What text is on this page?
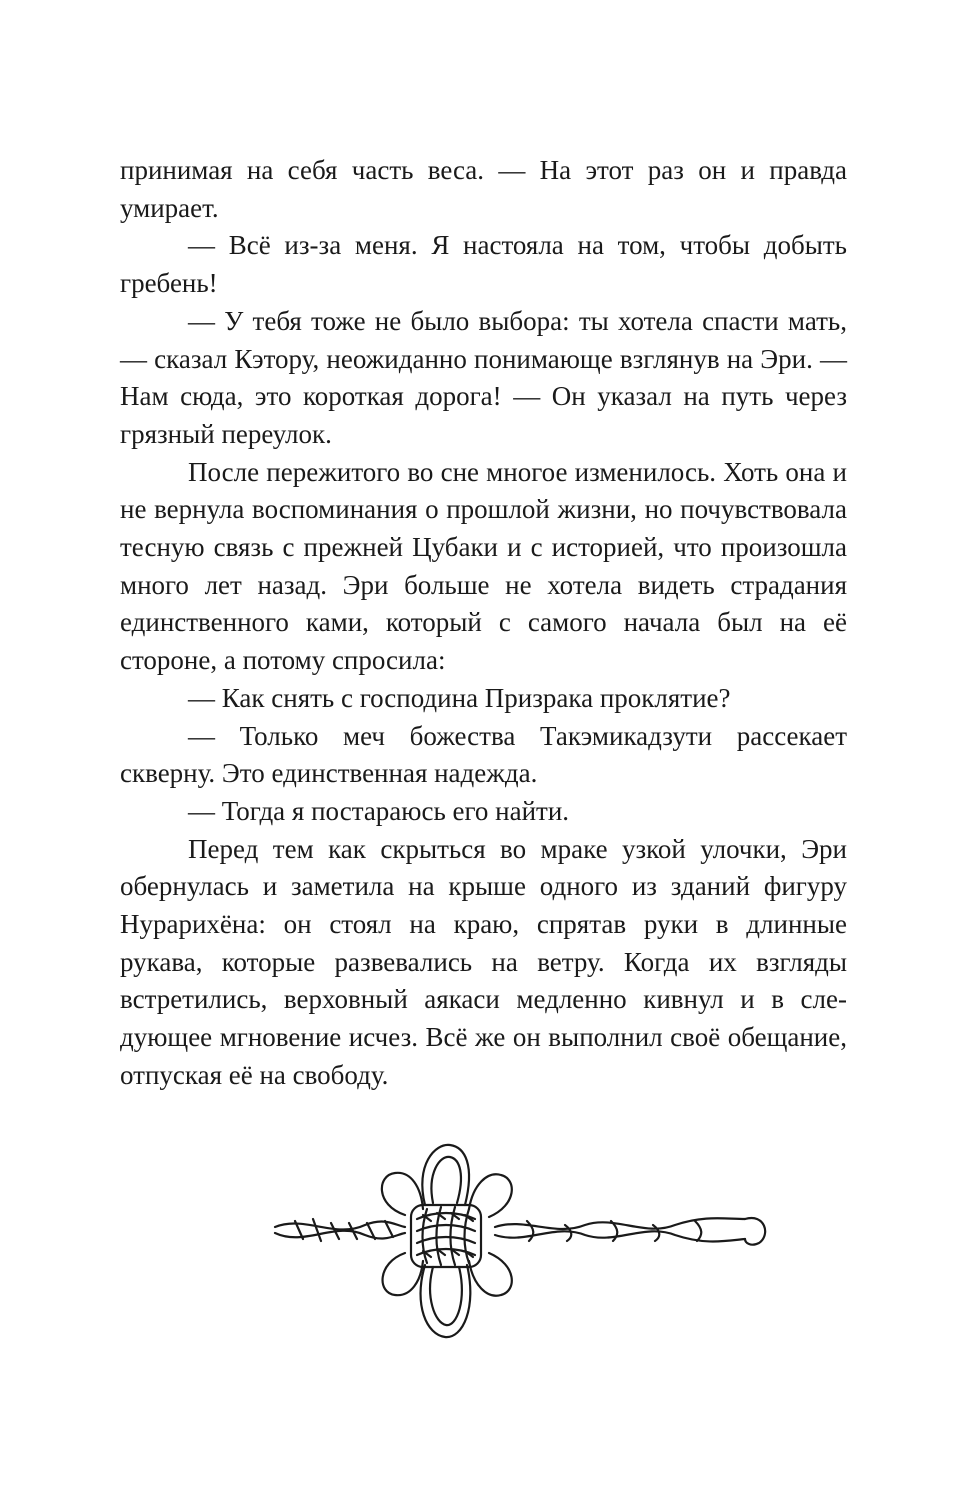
принимая на себя часть веса. — На этот раз он и правда умирает.

— Всё из-за меня. Я настояла на том, чтобы добыть гребень!

— У тебя тоже не было выбора: ты хотела спасти мать, — сказал Кэтору, неожиданно понимающе взглянув на Эри. — Нам сюда, это короткая дорога! — Он указал на путь через грязный переулок.

После пережитого во сне многое изменилось. Хоть она и не вернула воспоминания о прошлой жизни, но почувствовала тесную связь с прежней Цубаки и с историей, что произошла много лет назад. Эри больше не хотела видеть страдания единственного ками, который с самого начала был на её стороне, а потому спросила:

— Как снять с господина Призрака проклятие?

— Только меч божества Такэмикадзути рассекает скверну. Это единственная надежда.

— Тогда я постараюсь его найти.

Перед тем как скрыться во мраке узкой улочки, Эри обернулась и заметила на крыше одного из зданий фигуру Нурарихёна: он стоял на краю, спрятав руки в длинные рукава, которые развевались на ветру. Когда их взгляды встретились, верховный аякаси медленно кивнул и в следующее мгновение исчез. Всё же он выполнил своё обещание, отпуская её на свободу.
